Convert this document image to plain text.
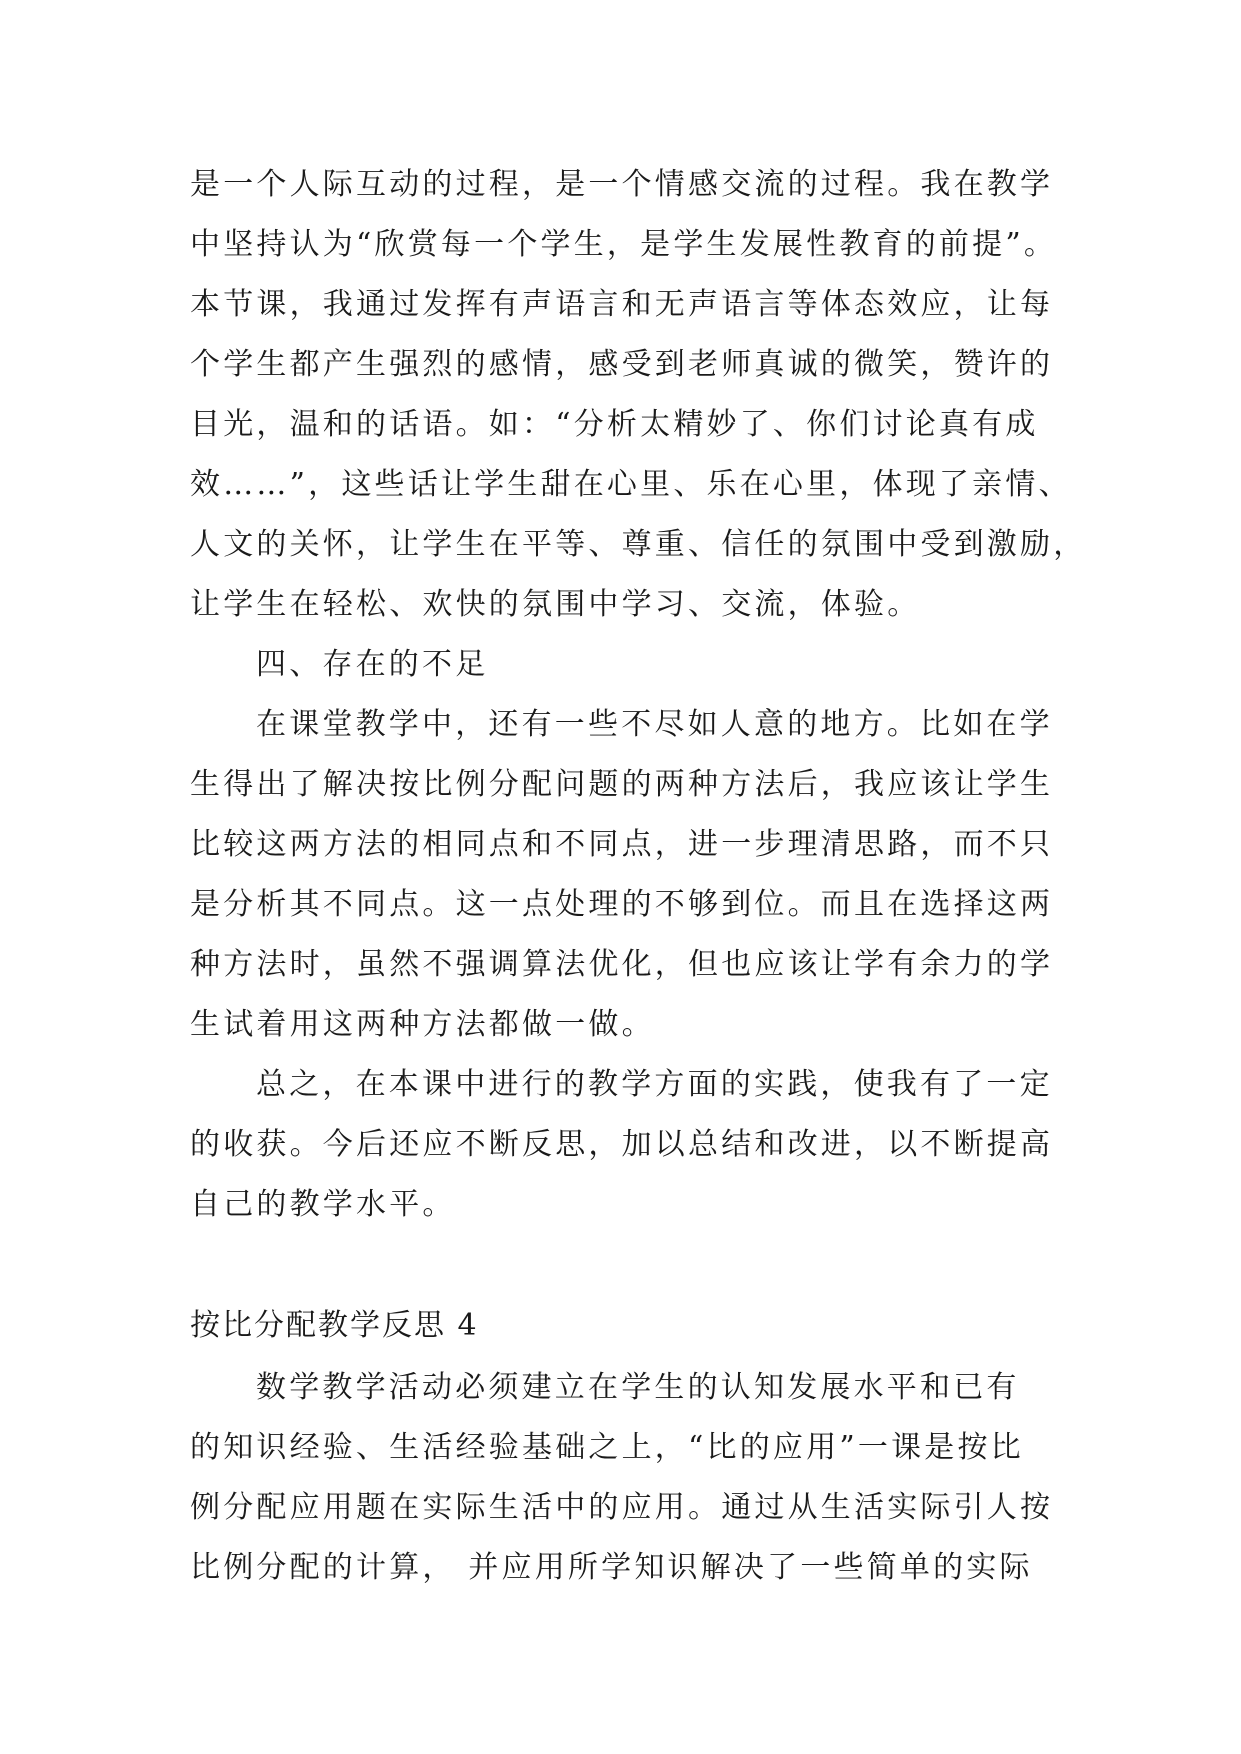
是一个人际互动的过程，是一个情感交流的过程。我在教学
中坚持认为“欣赏每一个学生，是学生发展性教育的前提”。
本节课，我通过发挥有声语言和无声语言等体态效应，让每
个学生都产生强烈的感情，感受到老师真诚的微笑，赞许的
目光，温和的话语。如：“分析太精妙了、你们讨论真有成
效……”，这些话让学生甜在心里、乐在心里，体现了亲情、
人文的关怀，让学生在平等、尊重、信任的氛围中受到激励，
让学生在轻松、欢快的氛围中学习、交流，体验。
四、存在的不足
在课堂教学中，还有一些不尽如人意的地方。比如在学
生得出了解决按比例分配问题的两种方法后，我应该让学生
比较这两方法的相同点和不同点，进一步理清思路，而不只
是分析其不同点。这一点处理的不够到位。而且在选择这两
种方法时，虽然不强调算法优化，但也应该让学有余力的学
生试着用这两种方法都做一做。
总之，在本课中进行的教学方面的实践，使我有了一定
的收获。今后还应不断反思，加以总结和改进，以不断提高
自己的教学水平。
按比分配教学反思 4
数学教学活动必须建立在学生的认知发展水平和已有
的知识经验、生活经验基础之上，“比的应用”一课是按比
例分配应用题在实际生活中的应用。通过从生活实际引人按
比例分配的计算， 并应用所学知识解决了一些简单的实际
